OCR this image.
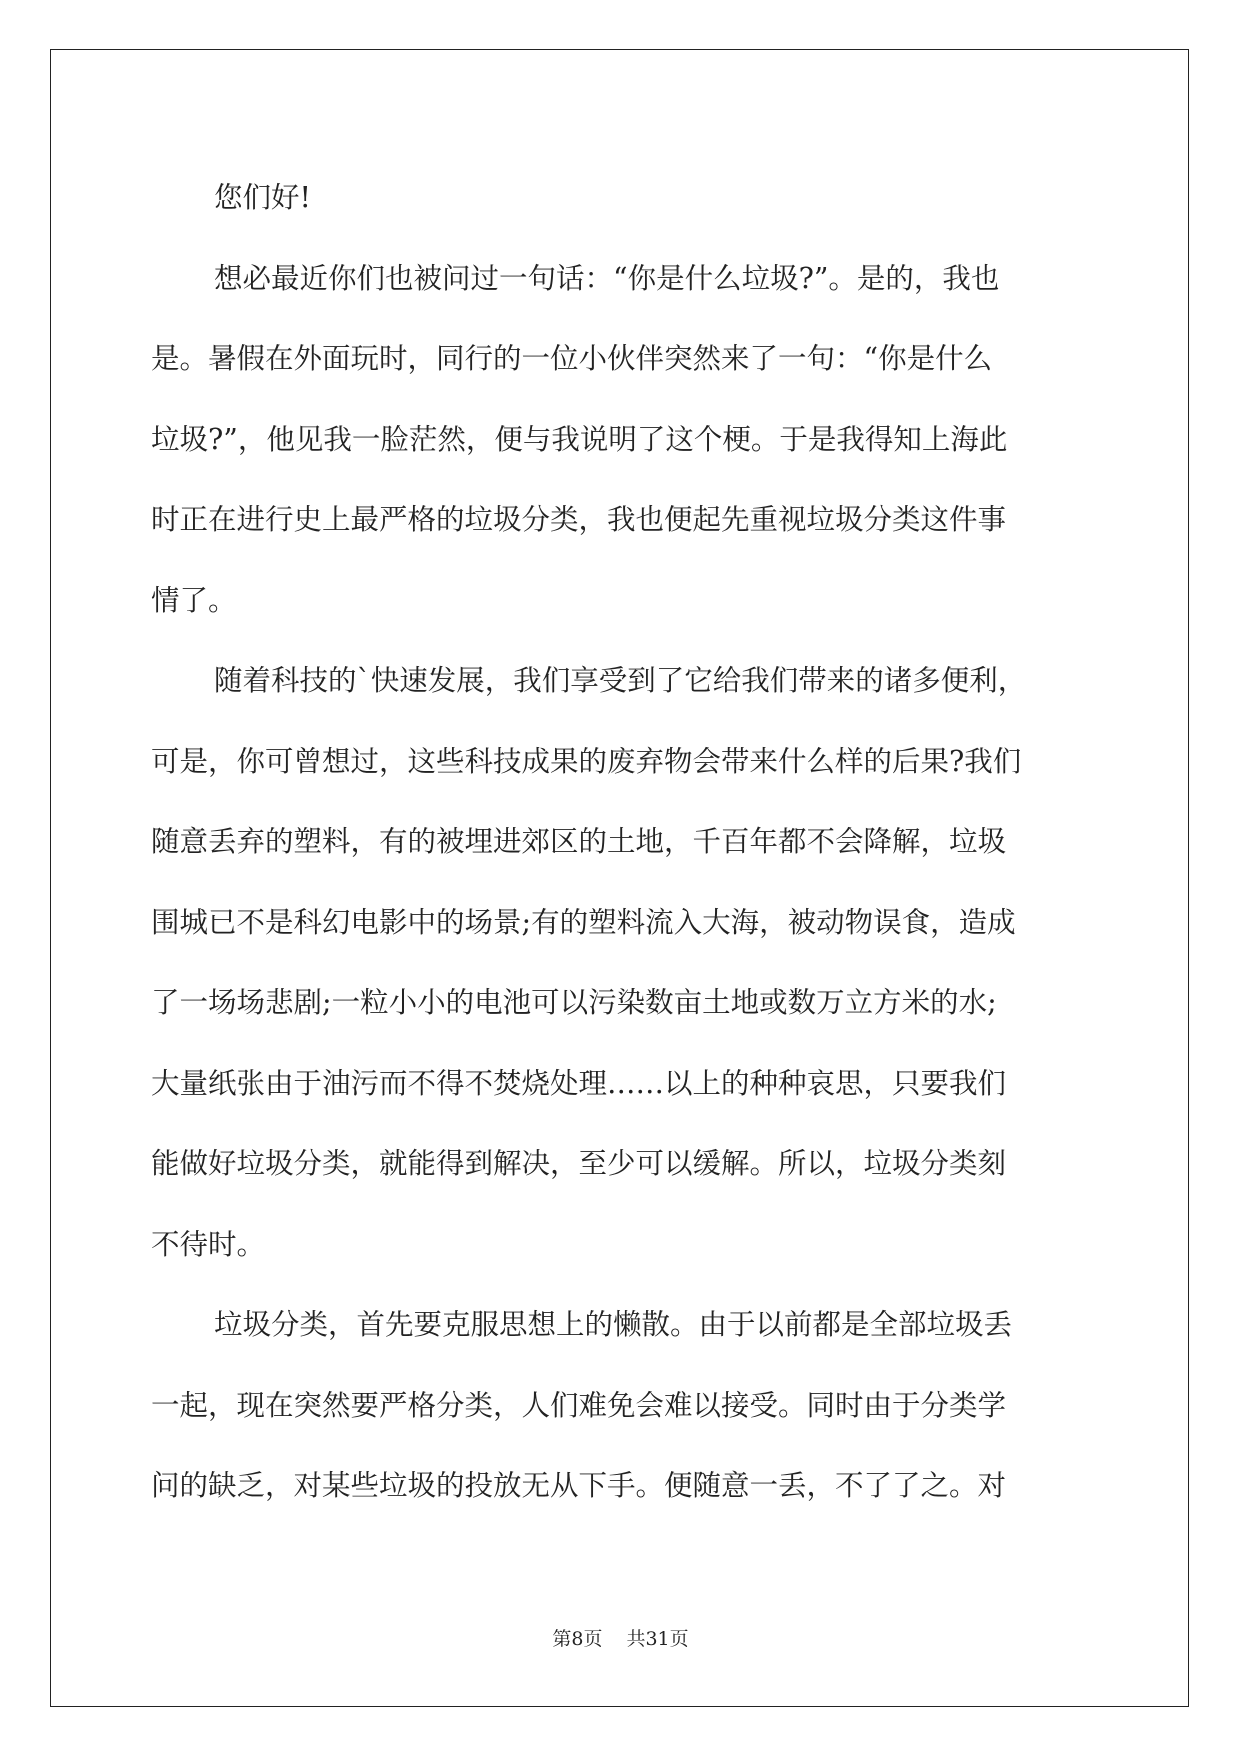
您们好!
想必最近你们也被问过一句话：“你是什么垃圾?”。是的，我也
是。暑假在外面玩时，同行的一位小伙伴突然来了一句：“你是什么
垃圾?”，他见我一脸茫然，便与我说明了这个梗。于是我得知上海此
时正在进行史上最严格的垃圾分类，我也便起先重视垃圾分类这件事
情了。
随着科技的`快速发展，我们享受到了它给我们带来的诸多便利，
可是，你可曾想过，这些科技成果的废弃物会带来什么样的后果?我们
随意丢弃的塑料，有的被埋进郊区的土地，千百年都不会降解，垃圾
围城已不是科幻电影中的场景;有的塑料流入大海，被动物误食，造成
了一场场悲剧;一粒小小的电池可以污染数亩土地或数万立方米的水;
大量纸张由于油污而不得不焚烧处理……以上的种种哀思，只要我们
能做好垃圾分类，就能得到解决，至少可以缓解。所以，垃圾分类刻
不待时。
垃圾分类，首先要克服思想上的懒散。由于以前都是全部垃圾丢
一起，现在突然要严格分类，人们难免会难以接受。同时由于分类学
问的缺乏，对某些垃圾的投放无从下手。便随意一丢，不了了之。对
第8页 共31页
